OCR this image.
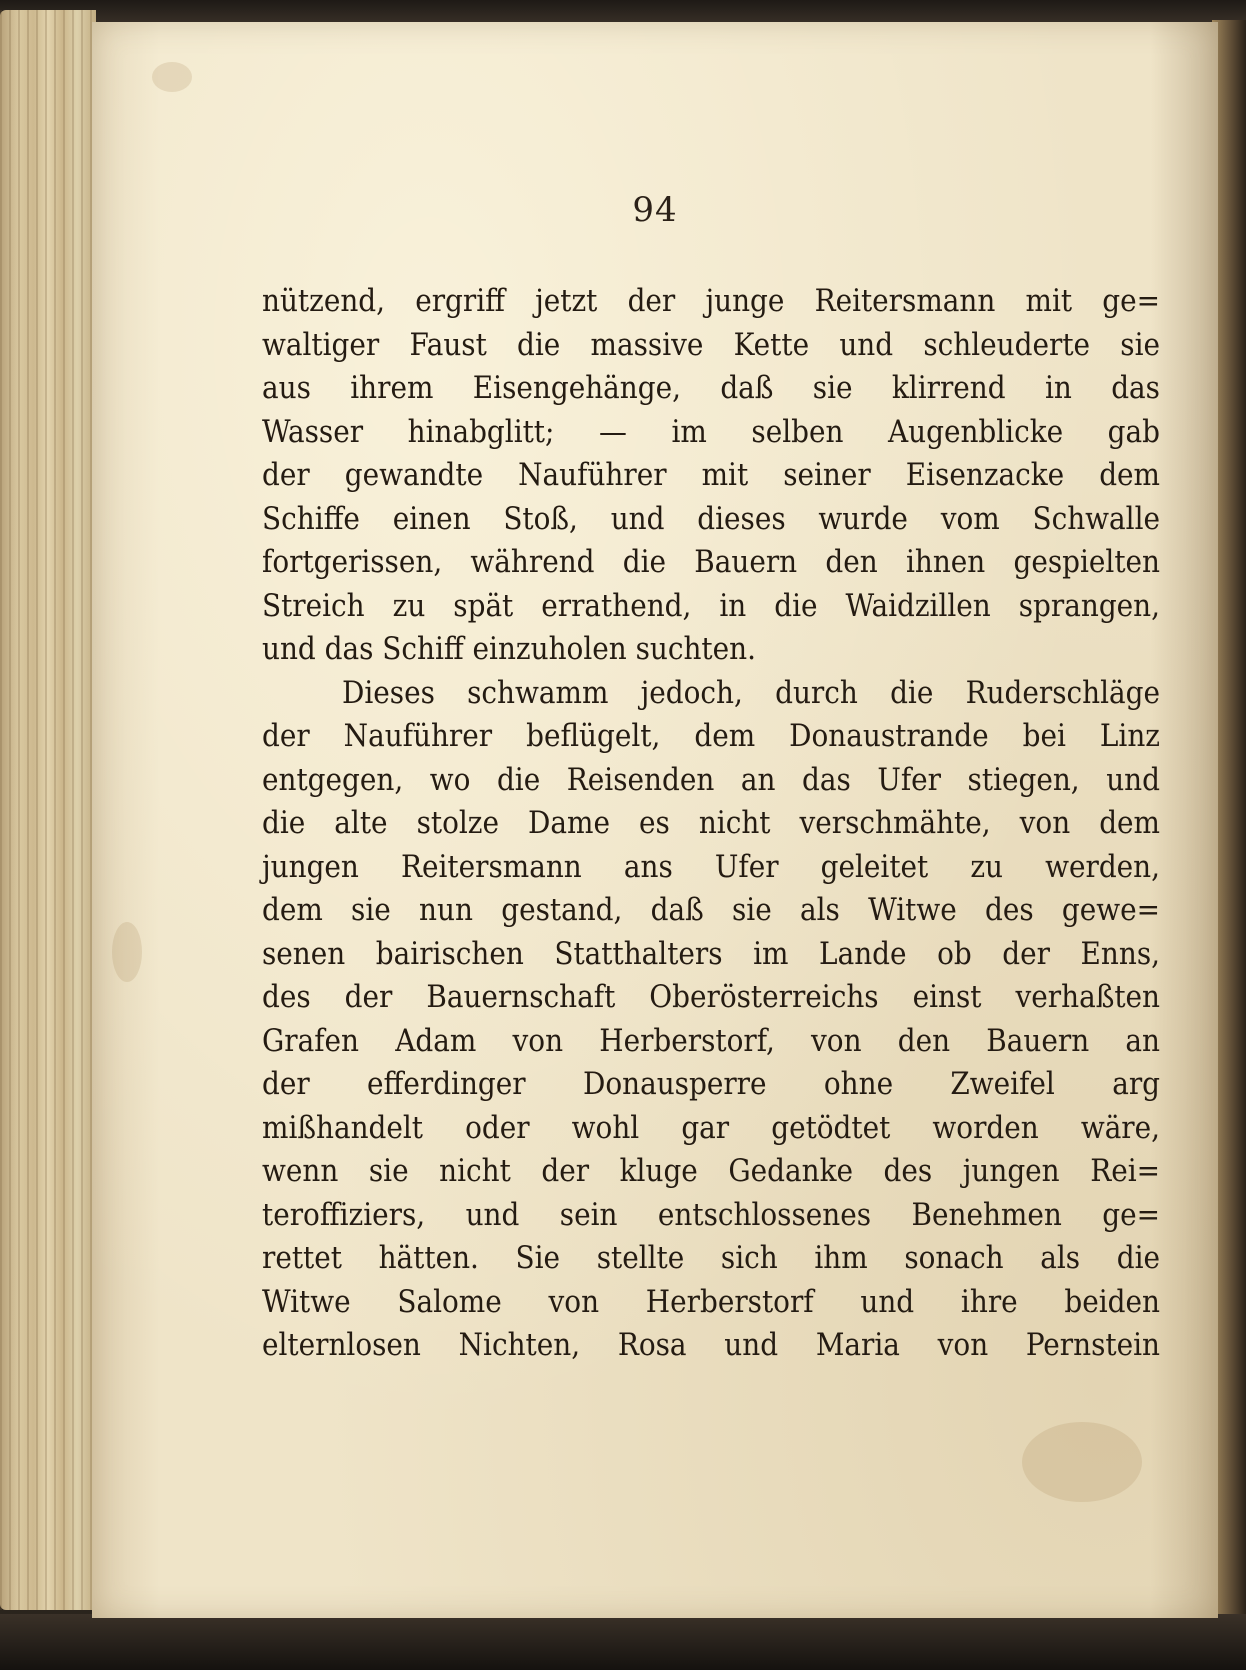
94
nützend, ergriff jetzt der junge Reitersmann mit ge=
waltiger Faust die massive Kette und schleuderte sie
aus ihrem Eisengehänge, daß sie klirrend in das
Wasser hinabglitt; — im selben Augenblicke gab
der gewandte Nauführer mit seiner Eisenzacke dem
Schiffe einen Stoß, und dieses wurde vom Schwalle
fortgerissen, während die Bauern den ihnen gespielten
Streich zu spät errathend, in die Waidzillen sprangen,
und das Schiff einzuholen suchten.
Dieses schwamm jedoch, durch die Ruderschläge
der Nauführer beflügelt, dem Donaustrande bei Linz
entgegen, wo die Reisenden an das Ufer stiegen, und
die alte stolze Dame es nicht verschmähte, von dem
jungen Reitersmann ans Ufer geleitet zu werden,
dem sie nun gestand, daß sie als Witwe des gewe=
senen bairischen Statthalters im Lande ob der Enns,
des der Bauernschaft Oberösterreichs einst verhaßten
Grafen Adam von Herberstorf, von den Bauern an
der efferdinger Donausperre ohne Zweifel arg
mißhandelt oder wohl gar getödtet worden wäre,
wenn sie nicht der kluge Gedanke des jungen Rei=
teroffiziers, und sein entschlossenes Benehmen ge=
rettet hätten. Sie stellte sich ihm sonach als die
Witwe Salome von Herberstorf und ihre beiden
elternlosen Nichten, Rosa und Maria von Pernstein
